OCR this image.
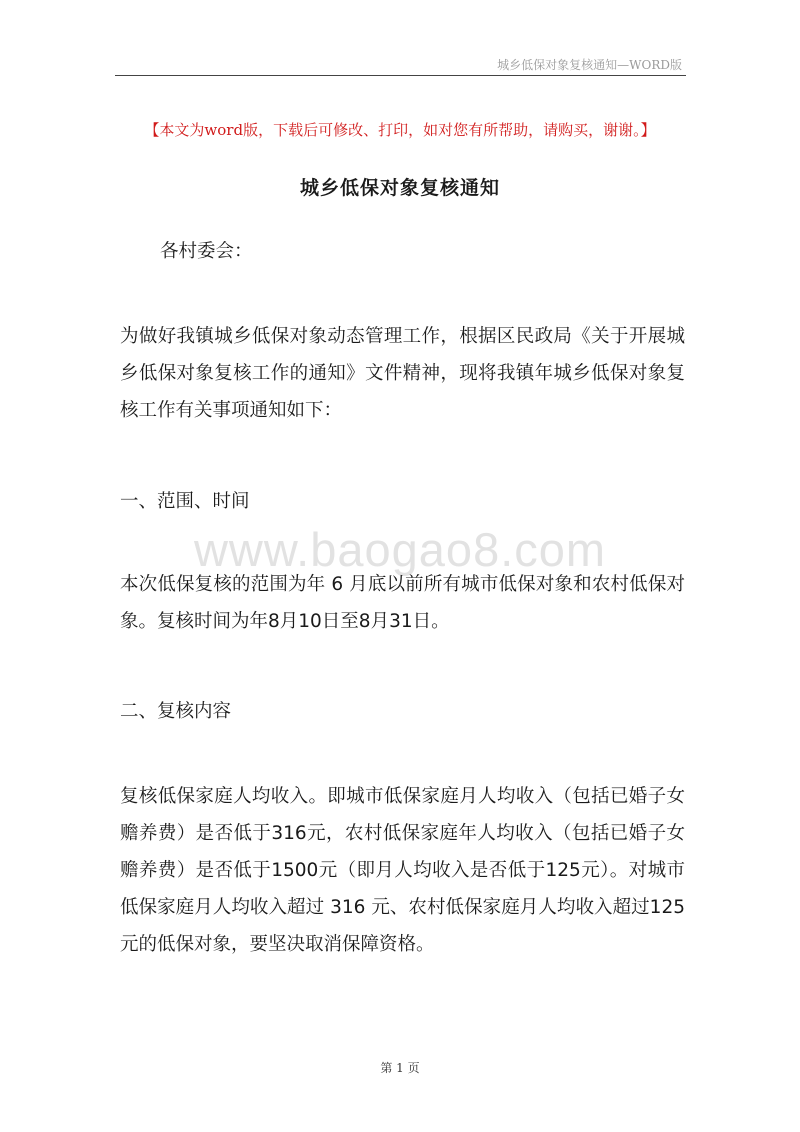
城乡低保对象复核通知—WORD版
【本文为word版，下载后可修改、打印，如对您有所帮助，请购买，谢谢。】
城乡低保对象复核通知
各村委会：

为做好我镇城乡低保对象动态管理工作，根据区民政局《关于开展城乡低保对象复核工作的通知》文件精神，现将我镇年城乡低保对象复核工作有关事项通知如下：

一、范围、时间

www.baogao8.com

本次低保复核的范围为年 6 月底以前所有城市低保对象和农村低保对象。复核时间为年8月10日至8月31日。

二、复核内容

复核低保家庭人均收入。即城市低保家庭月人均收入（包括已婚子女赡养费）是否低于316元，农村低保家庭年人均收入（包括已婚子女赡养费）是否低于1500元（即月人均收入是否低于125元）。对城市低保家庭月人均收入超过 316 元、农村低保家庭月人均收入超过125元的低保对象，要坚决取消保障资格。

第 1 页
